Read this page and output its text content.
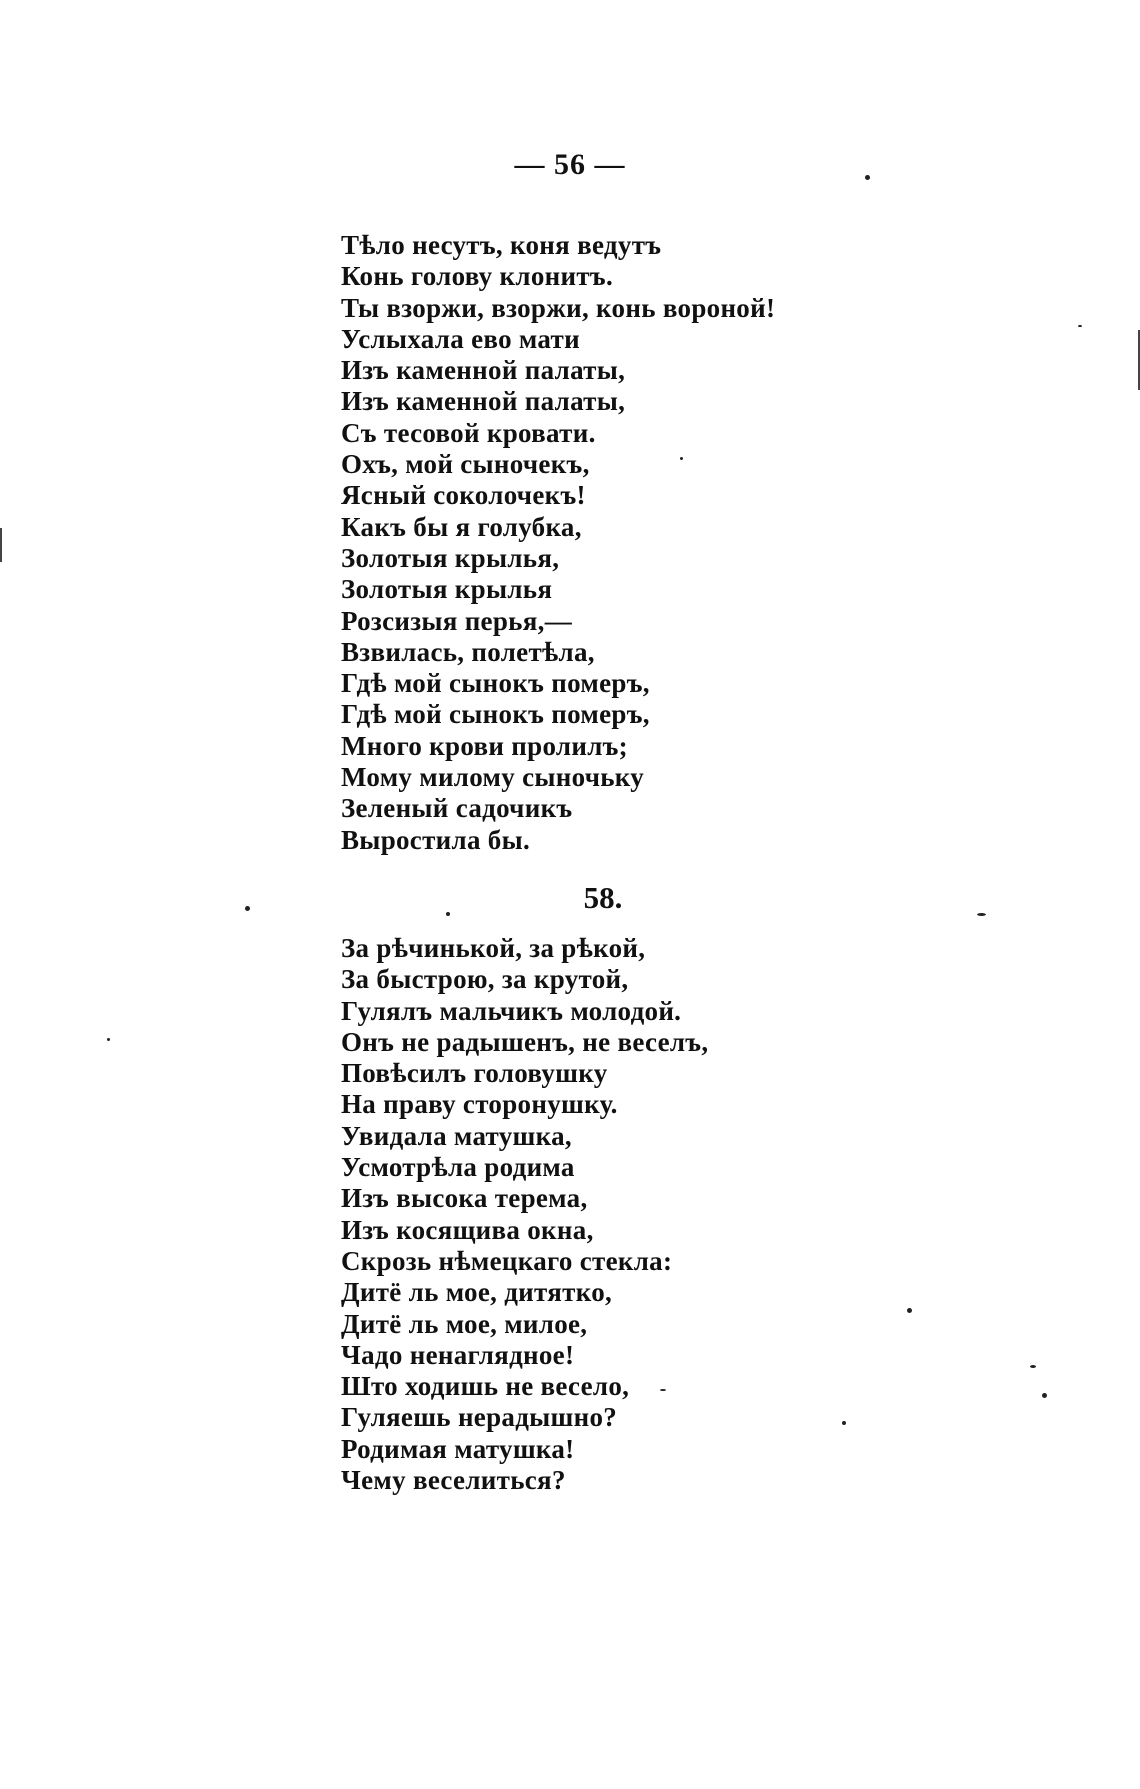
— 56 —
Тѣло несутъ, коня ведутъ
Конь голову клонитъ.
Ты взоржи, взоржи, конь вороной!
Услыхала ево мати
Изъ каменной палаты,
Изъ каменной палаты,
Съ тесовой кровати.
Охъ, мой сыночекъ,
Ясный соколочекъ!
Какъ бы я голубка,
Золотыя крылья,
Золотыя крылья
Розсизыя перья,—
Взвилась, полетѣла,
Гдѣ мой сынокъ померъ,
Гдѣ мой сынокъ померъ,
Много крови пролилъ;
Мому милому сыночьку
Зеленый садочикъ
Выростила бы.
58.
За рѣчинькой, за рѣкой,
За быстрою, за крутой,
Гулялъ мальчикъ молодой.
Онъ не радышенъ, не веселъ,
Повѣсилъ головушку
На праву сторонушку.
Увидала матушка,
Усмотрѣла родима
Изъ высока терема,
Изъ косящива окна,
Скрозь нѣмецкаго стекла:
Дитё ль мое, дитятко,
Дитё ль мое, милое,
Чадо ненаглядное!
Што ходишь не весело,
Гуляешь нерадышно?
Родимая матушка!
Чему веселиться?
